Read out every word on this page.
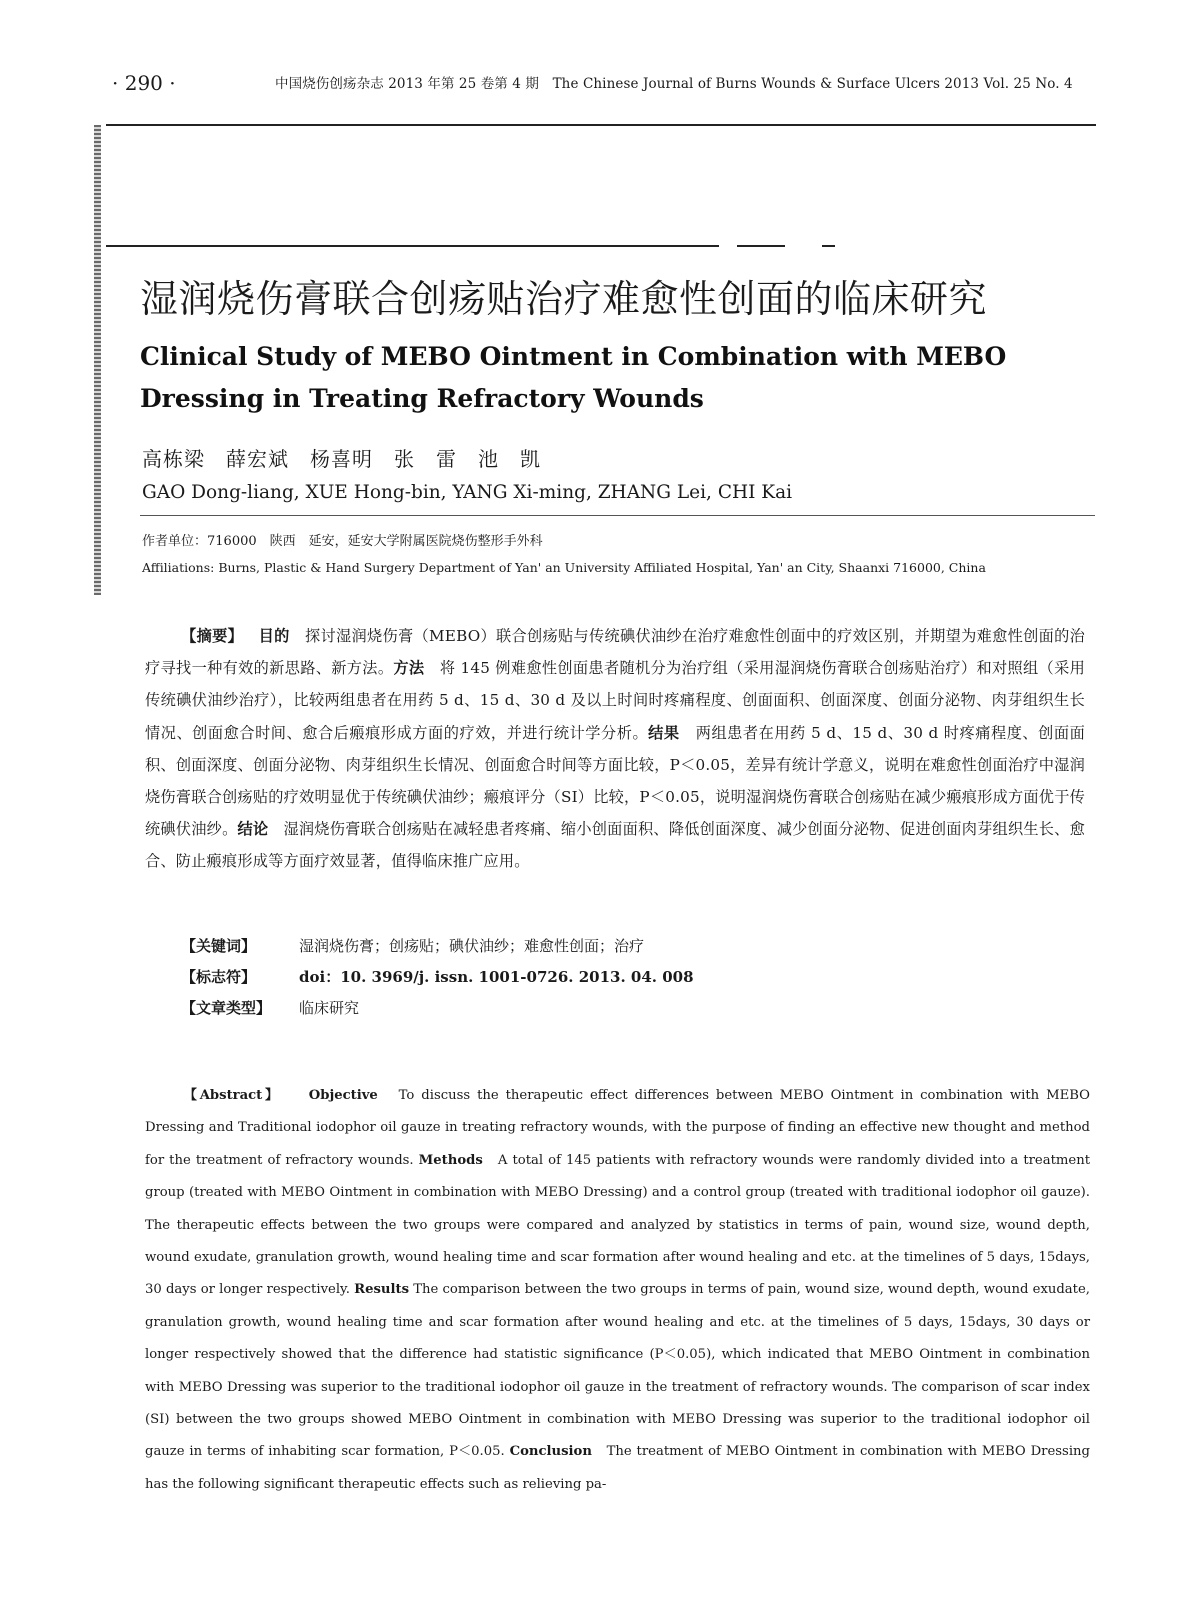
· 290 ·	中国烧伤创疡杂志 2013 年第 25 卷第 4 期　The Chinese Journal of Burns Wounds & Surface Ulcers 2013 Vol. 25 No. 4
湿润烧伤膏联合创疡贴治疗难愈性创面的临床研究
Clinical Study of MEBO Ointment in Combination with MEBO Dressing in Treating Refractory Wounds
高栋梁　薛宏斌　杨喜明　张　雷　池　凯
GAO Dong-liang, XUE Hong-bin, YANG Xi-ming, ZHANG Lei, CHI Kai
作者单位：716000　陕西　延安，延安大学附属医院烧伤整形手外科
Affiliations: Burns, Plastic & Hand Surgery Department of Yan' an University Affiliated Hospital, Yan' an City, Shaanxi 716000, China
【摘要】 目的 探讨湿润烧伤膏（MEBO）联合创疡贴与传统碘伏油纱在治疗难愈性创面中的疗效区别，并期望为难愈性创面的治疗寻找一种有效的新思路、新方法。方法 将 145 例难愈性创面患者随机分为治疗组（采用湿润烧伤膏联合创疡贴治疗）和对照组（采用传统碘伏油纱治疗），比较两组患者在用药 5 d、15 d、30 d 及以上时间时疼痛程度、创面面积、创面深度、创面分泌物、肉芽组织生长情况、创面愈合时间、愈合后瘢痕形成方面的疗效，并进行统计学分析。结果 两组患者在用药 5 d、15 d、30 d 时疼痛程度、创面面积、创面深度、创面分泌物、肉芽组织生长情况、创面愈合时间等方面比较，P＜0.05，差异有统计学意义，说明在难愈性创面治疗中湿润烧伤膏联合创疡贴的疗效明显优于传统碘伏油纱；瘢痕评分（SI）比较，P＜0.05，说明湿润烧伤膏联合创疡贴在减少瘢痕形成方面优于传统碘伏油纱。结论 湿润烧伤膏联合创疡贴在减轻患者疼痛、缩小创面面积、降低创面深度、减少创面分泌物、促进创面肉芽组织生长、愈合、防止瘢痕形成等方面疗效显著，值得临床推广应用。
【关键词】	湿润烧伤膏；创疡贴；碘伏油纱；难愈性创面；治疗
【标志符】	doi：10. 3969/j. issn. 1001-0726. 2013. 04. 008
【文章类型】 临床研究
【Abstract】 Objective To discuss the therapeutic effect differences between MEBO Ointment in combination with MEBO Dressing and Traditional iodophor oil gauze in treating refractory wounds, with the purpose of finding an effective new thought and method for the treatment of refractory wounds. Methods A total of 145 patients with refractory wounds were randomly divided into a treatment group (treated with MEBO Ointment in combination with MEBO Dressing) and a control group (treated with traditional iodophor oil gauze). The therapeutic effects between the two groups were compared and analyzed by statistics in terms of pain, wound size, wound depth, wound exudate, granulation growth, wound healing time and scar formation after wound healing and etc. at the timelines of 5 days, 15days, 30 days or longer respectively. Results The comparison between the two groups in terms of pain, wound size, wound depth, wound exudate, granulation growth, wound healing time and scar formation after wound healing and etc. at the timelines of 5 days, 15days, 30 days or longer respectively showed that the difference had statistic significance (P＜0.05), which indicated that MEBO Ointment in combination with MEBO Dressing was superior to the traditional iodophor oil gauze in the treatment of refractory wounds. The comparison of scar index (SI) between the two groups showed MEBO Ointment in combination with MEBO Dressing was superior to the traditional iodophor oil gauze in terms of inhabiting scar formation, P＜0.05. Conclusion The treatment of MEBO Ointment in combination with MEBO Dressing has the following significant therapeutic effects such as relieving pa-
